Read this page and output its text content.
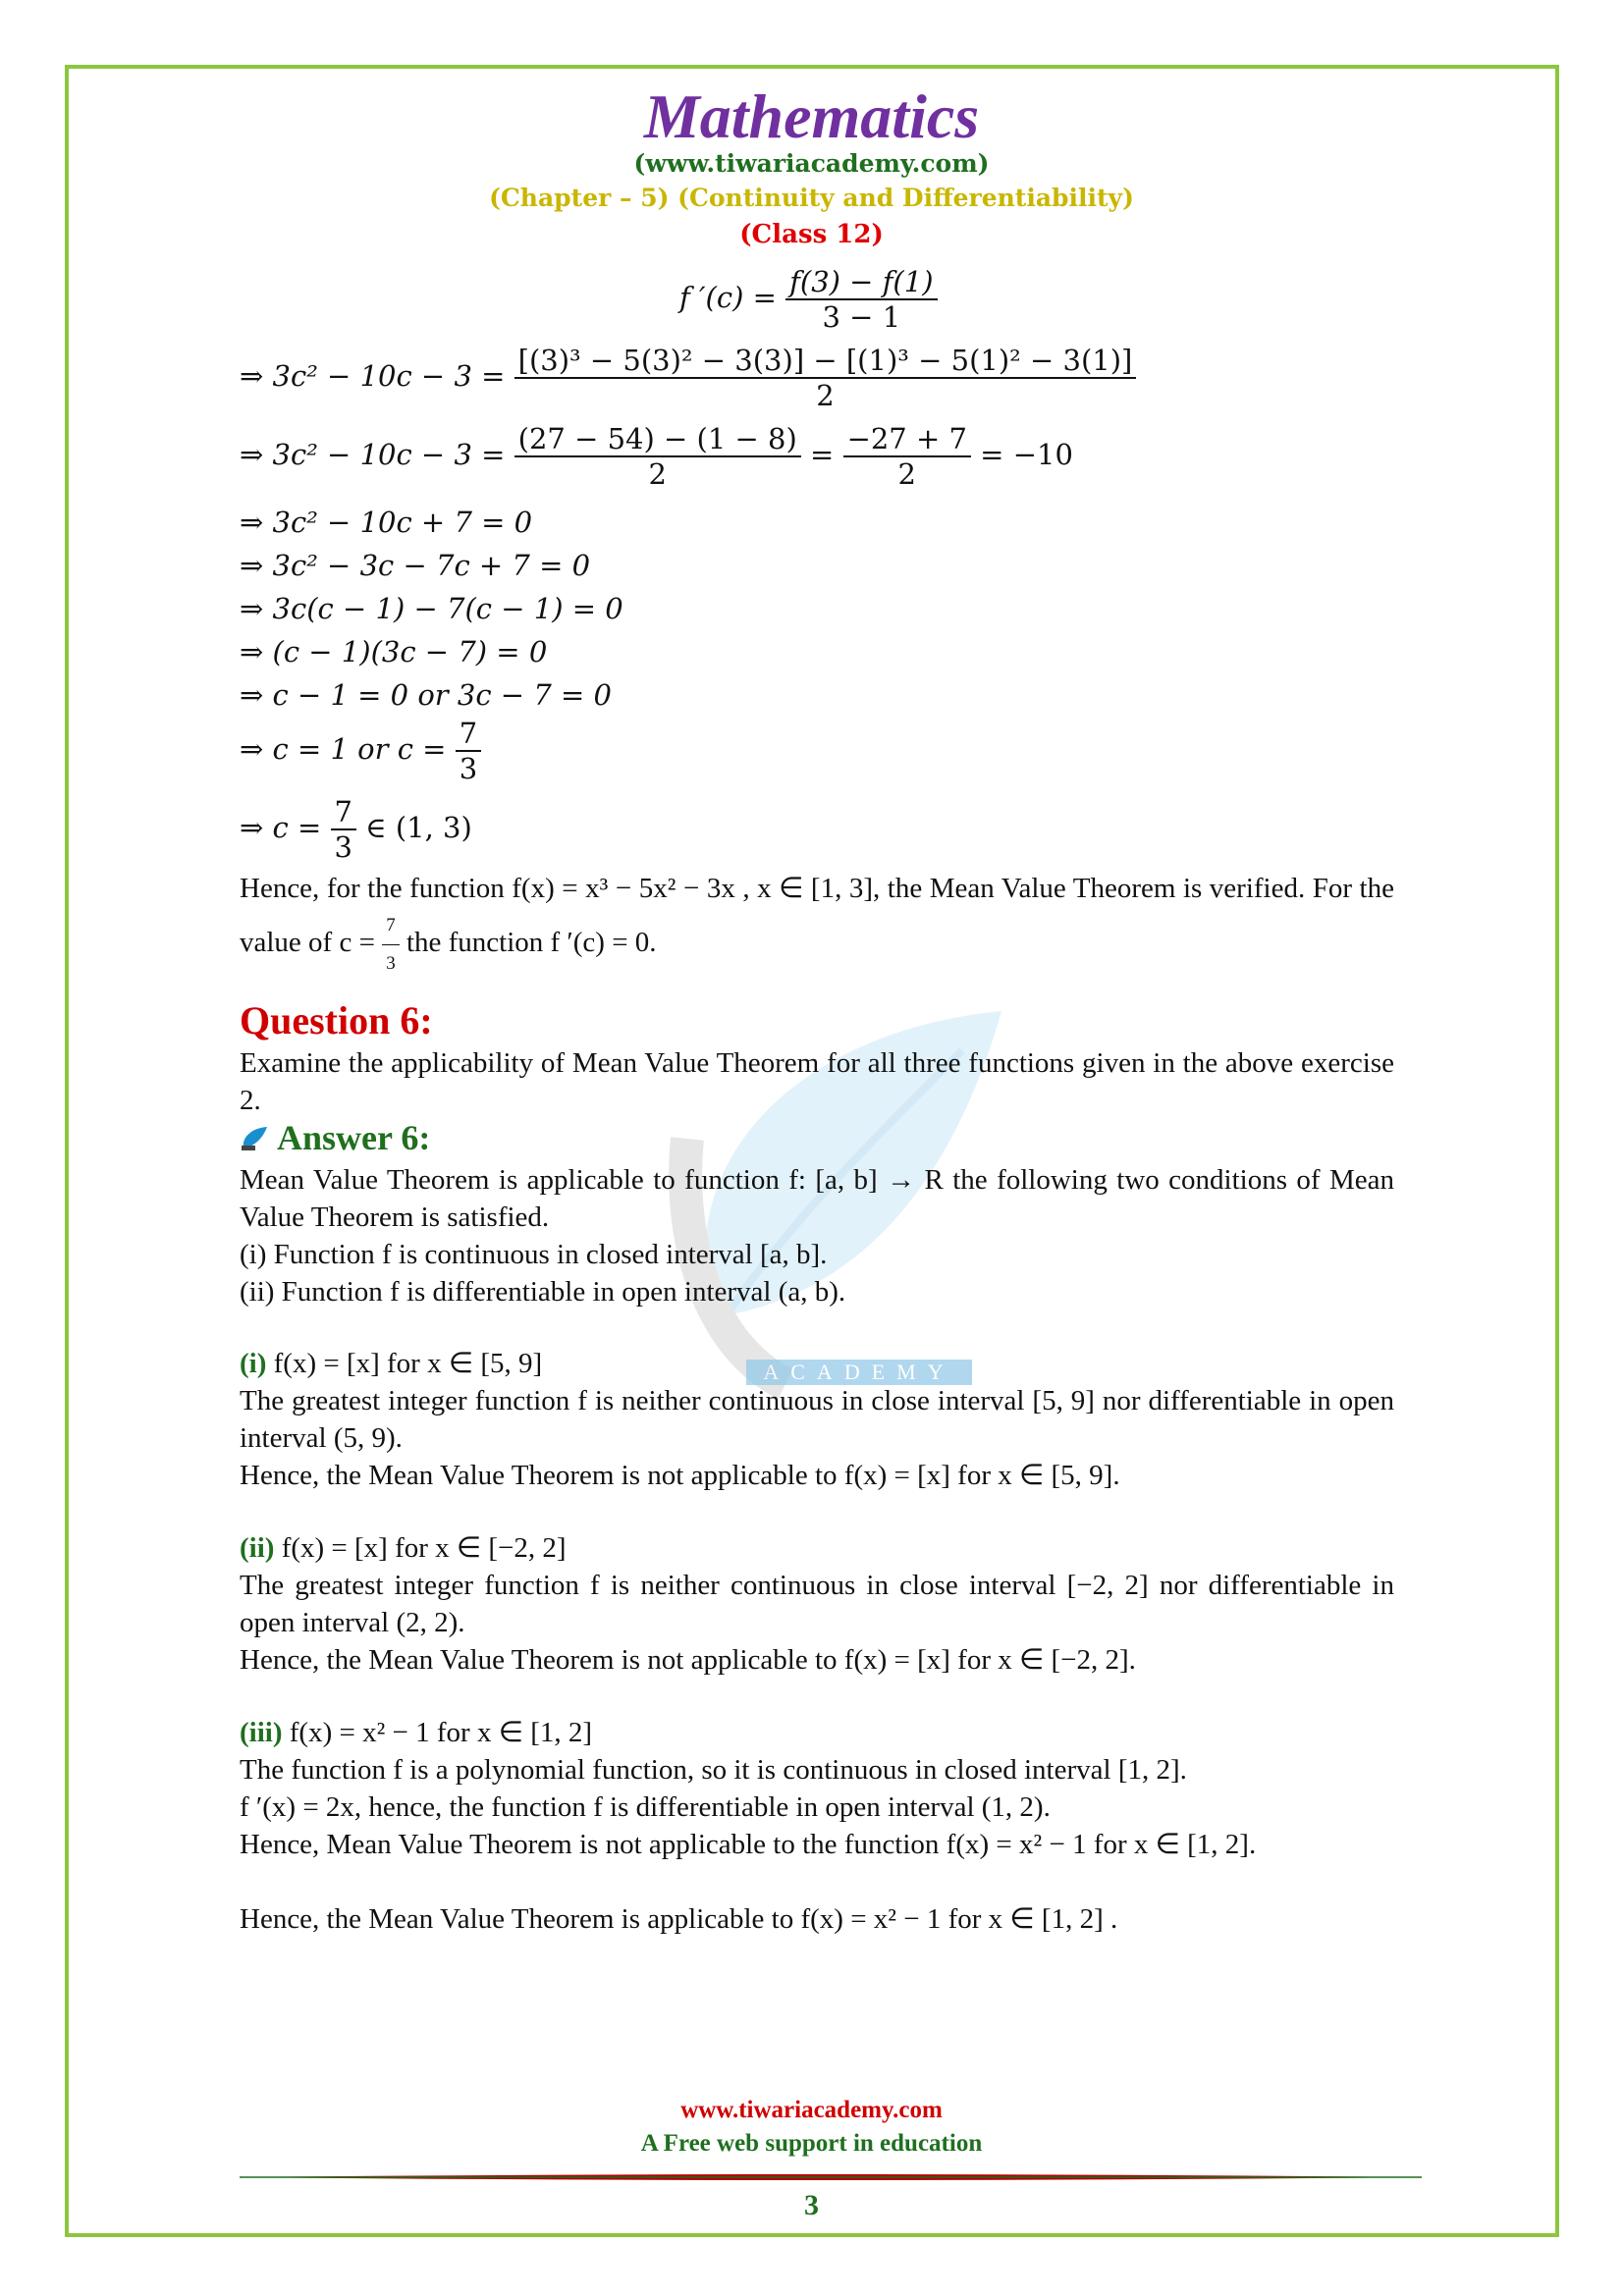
Mathematics
(www.tiwariacademy.com)
(Chapter – 5) (Continuity and Differentiability)
(Class 12)
ACADEMY
f $'(c) = \frac{f(3) - f(1)}{3 - 1}$
⇒ $3c^2 - 10c - 3 = \frac{\text{[(3)³ − 5(3)² − 3(3)] − [(1)³ − 5(1)² − 3(1)]}}{2}$
⇒ $3c^2 - 10c - 3 = \frac{(27 - 54) - (1 - 8)}{2} = \frac{-27 + 7}{2} = -10$
⇒ 3c² − 10c + 7 = 0
⇒ 3c² − 3c − 7c + 7 = 0
⇒ 3c(c − 1) − 7(c − 1) = 0
⇒ (c − 1)(3c − 7) = 0
⇒ c − 1 = 0 or 3c − 7 = 0
⇒ c = 1 or $c = \frac{7}{3}$
⇒ $c = \frac{7}{3}$ ∈ (1, 3)

Hence, for the function f(x) = x³ − 5x² − 3x , x ∈ [1, 3], the Mean Value Theorem is verified. For the value of $c = \frac{7}{3}$ the function f ′(c) = 0.

Question 6:

Examine the applicability of Mean Value Theorem for all three functions given in the above exercise 2.

Answer 6:

Mean Value Theorem is applicable to function f: [a, b] → R the following two conditions of Mean Value Theorem is satisfied.

(i) Function f is continuous in closed interval [a, b].

(ii) Function f is differentiable in open interval (a, b).

(i) f(x) = [x] for x ∈ [5, 9]

The greatest integer function f is neither continuous in close interval [5, 9] nor differentiable in open interval (5, 9).

Hence, the Mean Value Theorem is not applicable to f(x) = [x] for x ∈ [5, 9].

(ii) f(x) = [x] for x ∈ [−2, 2]

The greatest integer function f is neither continuous in close interval [−2, 2] nor differentiable in open interval (2, 2).

Hence, the Mean Value Theorem is not applicable to f(x) = [x] for x ∈ [−2, 2].

(iii) f(x) = x² − 1 for x ∈ [1, 2]

The function f is a polynomial function, so it is continuous in closed interval [1, 2].

f ′(x) = 2x, hence, the function f is differentiable in open interval (1, 2).

Hence, Mean Value Theorem is not applicable to the function f(x) = x² − 1 for x ∈ [1, 2].

Hence, the Mean Value Theorem is applicable to f(x) = x² − 1 for x ∈ [1, 2] .

www.tiwariacademy.com
A Free web support in education
3
